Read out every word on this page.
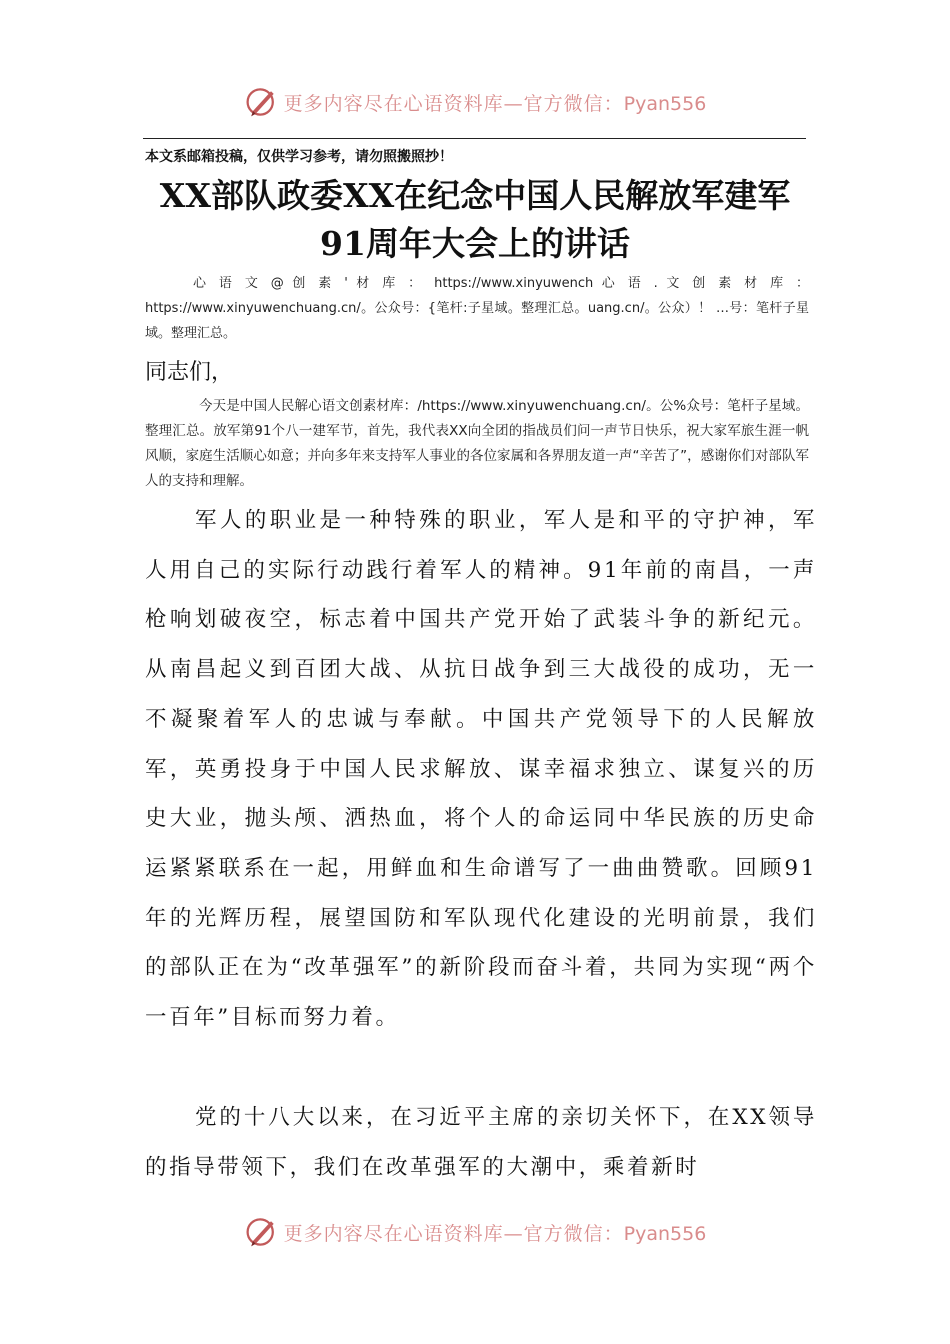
更多内容尽在心语资料库—官方微信：Pyan556
本文系邮箱投稿，仅供学习参考，请勿照搬照抄！
XX部队政委XX在纪念中国人民解放军建军91周年大会上的讲话
心 语 文 @ 创 素 ' 材 库 ： https://www.xinyuwench 心 语 . 文 创 素 材 库 ： https://www.xinyuwenchuang.cn/。公众号：{笔杆:子星域。整理汇总。uang.cn/。公众）！ …号：笔杆子星域。整理汇总。
同志们，
今天是中国人民解心语文创素材库：/https://www.xinyuwenchuang.cn/。公%众号：笔杆子星域。整理汇总。放军第91个八一建军节，首先，我代表XX向全团的指战员们问一声节日快乐，祝大家军旅生涯一帆风顺，家庭生活顺心如意；并向多年来支持军人事业的各位家属和各界朋友道一声“辛苦了”，感谢你们对部队军人的支持和理解。
军人的职业是一种特殊的职业，军人是和平的守护神，军人用自己的实际行动践行着军人的精神。91年前的南昌，一声枪响划破夜空，标志着中国共产党开始了武装斗争的新纪元。从南昌起义到百团大战、从抗日战争到三大战役的成功，无一不凝聚着军人的忠诚与奉献。中国共产党领导下的人民解放军，英勇投身于中国人民求解放、谋幸福求独立、谋复兴的历史大业，抛头颅、洒热血，将个人的命运同中华民族的历史命运紧紧联系在一起，用鲜血和生命谱写了一曲曲赞歌。回顾91年的光辉历程，展望国防和军队现代化建设的光明前景，我们的部队正在为“改革强军”的新阶段而奋斗着，共同为实现“两个一百年”目标而努力着。
党的十八大以来，在习近平主席的亲切关怀下，在XX领导的指导带领下，我们在改革强军的大潮中，乘着新时
更多内容尽在心语资料库—官方微信：Pyan556
